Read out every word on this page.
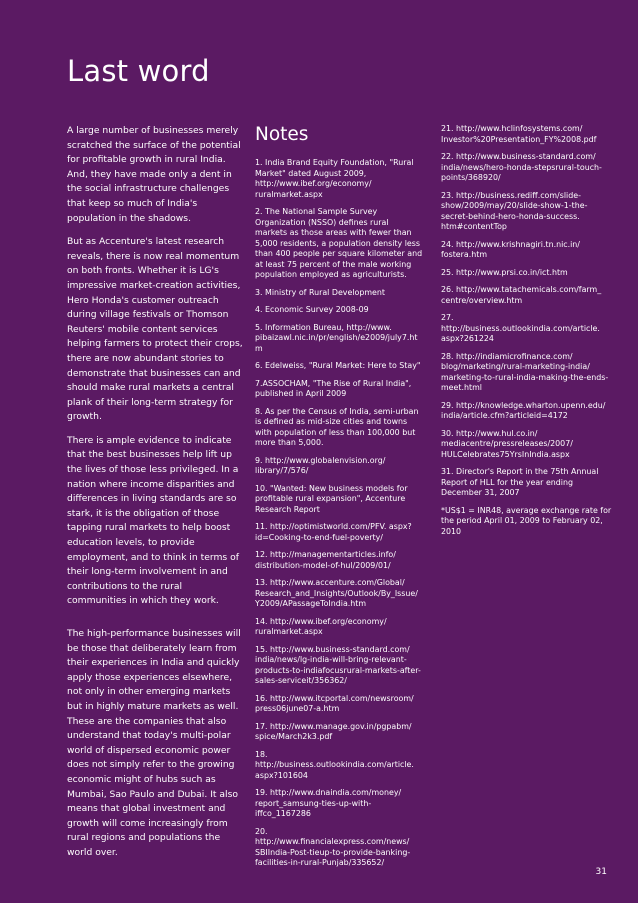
Last word

A large number of businesses merely scratched the surface of the potential for profitable growth in rural India. And, they have made only a dent in the social infrastructure challenges that keep so much of India's population in the shadows.

But as Accenture's latest research reveals, there is now real momentum on both fronts. Whether it is LG's impressive market-creation activities, Hero Honda's customer outreach during village festivals or Thomson Reuters' mobile content services helping farmers to protect their crops, there are now abundant stories to demonstrate that businesses can and should make rural markets a central plank of their long-term strategy for growth.

There is ample evidence to indicate that the best businesses help lift up the lives of those less privileged. In a nation where income disparities and differences in living standards are so stark, it is the obligation of those tapping rural markets to help boost education levels, to provide employment, and to think in terms of their long-term involvement in and contributions to the rural communities in which they work.

The high-performance businesses will be those that deliberately learn from their experiences in India and quickly apply those experiences elsewhere, not only in other emerging markets but in highly mature markets as well. These are the companies that also understand that today's multi-polar world of dispersed economic power does not simply refer to the growing economic might of hubs such as Mumbai, Sao Paulo and Dubai. It also means that global investment and growth will come increasingly from rural regions and populations the world over.

Notes

1. India Brand Equity Foundation, "Rural Market" dated August 2009, http://www.ibef.org/economy/ ruralmarket.aspx

2. The National Sample Survey Organization (NSSO) defines rural markets as those areas with fewer than 5,000 residents, a population density less than 400 people per square kilometer and at least 75 percent of the male working population employed as agriculturists.

3. Ministry of Rural Development

4. Economic Survey 2008-09

5. Information Bureau, http://www. pibaizawl.nic.in/pr/english/e2009/july7.htm

6. Edelweiss, "Rural Market: Here to Stay"

7.ASSOCHAM, "The Rise of Rural India", published in April 2009

8. As per the Census of India, semi-urban is defined as mid-size cities and towns with population of less than 100,000 but more than 5,000.

9. http://www.globalenvision.org/ library/7/576/

10. "Wanted: New business models for profitable rural expansion", Accenture Research Report

11. http://optimistworld.com/PFV. aspx?id=Cooking-to-end-fuel-poverty/

12. http://managementarticles.info/ distribution-model-of-hul/2009/01/

13. http://www.accenture.com/Global/ Research_and_Insights/Outlook/By_Issue/ Y2009/APassageToIndia.htm

14. http://www.ibef.org/economy/ ruralmarket.aspx

15. http://www.business-standard.com/ india/news/lg-india-will-bring-relevant-products-to-indiafocusrural-markets-after-sales-serviceit/356362/

16. http://www.itcportal.com/newsroom/ press06june07-a.htm

17. http://www.manage.gov.in/pgpabm/ spice/March2k3.pdf

18. http://business.outlookindia.com/article. aspx?101604

19. http://www.dnaindia.com/money/ report_samsung-ties-up-with-iffco_1167286

20. http://www.financialexpress.com/news/ SBIIndia-Post-tieup-to-provide-banking-facilities-in-rural-Punjab/335652/

21. http://www.hclinfosystems.com/ Investor%20Presentation_FY%2008.pdf

22. http://www.business-standard.com/ india/news/hero-honda-stepsrural-touch-points/368920/

23. http://business.rediff.com/slide-show/2009/may/20/slide-show-1-the-secret-behind-hero-honda-success. htm#contentTop

24. http://www.krishnagiri.tn.nic.in/ fostera.htm

25. http://www.prsi.co.in/ict.htm

26. http://www.tatachemicals.com/farm_ centre/overview.htm

27. http://business.outlookindia.com/article. aspx?261224

28. http://indiamicrofinance.com/ blog/marketing/rural-marketing-india/ marketing-to-rural-india-making-the-ends-meet.html

29. http://knowledge.wharton.upenn.edu/ india/article.cfm?articleid=4172

30. http://www.hul.co.in/ mediacentre/pressreleases/2007/ HULCelebrates75YrsInIndia.aspx

31. Director's Report in the 75th Annual Report of HLL for the year ending December 31, 2007

*US$1 = INR48, average exchange rate for the period April 01, 2009 to February 02, 2010

31
